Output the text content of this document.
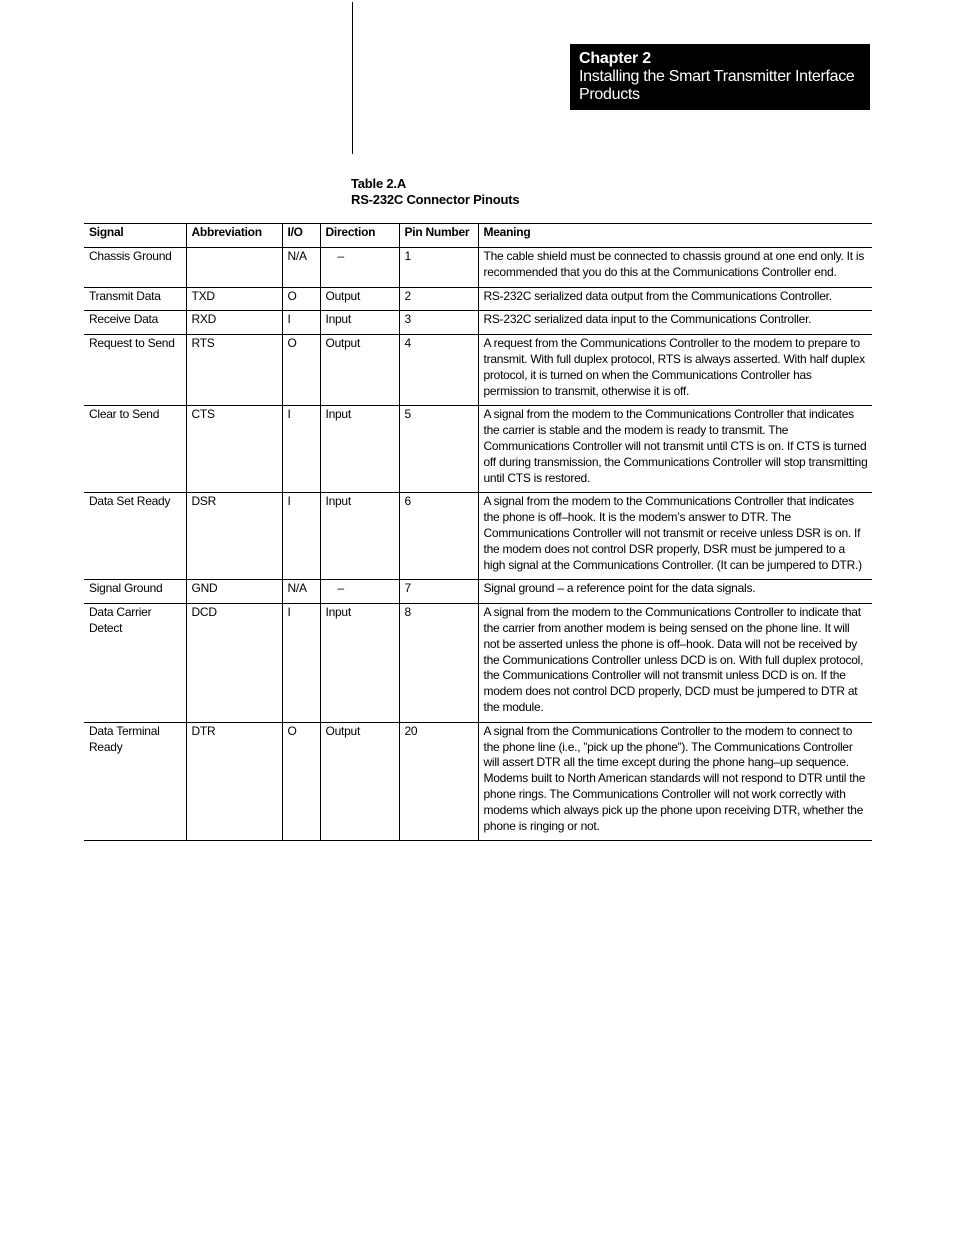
Chapter 2
Installing the Smart Transmitter Interface Products
Table 2.A
RS-232C Connector Pinouts
Signal	Abbreviation	I/O	Direction	Pin Number	Meaning
Chassis Ground		N/A	–	1	The cable shield must be connected to chassis ground at one end only. It is recommended that you do this at the Communications Controller end.
Transmit Data	TXD	O	Output	2	RS-232C serialized data output from the Communications Controller.
Receive Data	RXD	I	Input	3	RS-232C serialized data input to the Communications Controller.
Request to Send	RTS	O	Output	4	A request from the Communications Controller to the modem to prepare to transmit. With full duplex protocol, RTS is always asserted. With half duplex protocol, it is turned on when the Communications Controller has permission to transmit, otherwise it is off.
Clear to Send	CTS	I	Input	5	A signal from the modem to the Communications Controller that indicates the carrier is stable and the modem is ready to transmit. The Communications Controller will not transmit until CTS is on. If CTS is turned off during transmission, the Communications Controller will stop transmitting until CTS is restored.
Data Set Ready	DSR	I	Input	6	A signal from the modem to the Communications Controller that indicates the phone is off–hook. It is the modem’s answer to DTR. The Communications Controller will not transmit or receive unless DSR is on. If the modem does not control DSR properly, DSR must be jumpered to a high signal at the Communications Controller. (It can be jumpered to DTR.)
Signal Ground	GND	N/A	–	7	Signal ground – a reference point for the data signals.
Data Carrier Detect	DCD	I	Input	8	A signal from the modem to the Communications Controller to indicate that the carrier from another modem is being sensed on the phone line. It will not be asserted unless the phone is off–hook. Data will not be received by the Communications Controller unless DCD is on. With full duplex protocol, the Communications Controller will not transmit unless DCD is on. If the modem does not control DCD properly, DCD must be jumpered to DTR at the module.
Data Terminal Ready	DTR	O	Output	20	A signal from the Communications Controller to the modem to connect to the phone line (i.e., ”pick up the phone”). The Communications Controller will assert DTR all the time except during the phone hang–up sequence. Modems built to North American standards will not respond to DTR until the phone rings. The Communications Controller will not work correctly with modems which always pick up the phone upon receiving DTR, whether the phone is ringing or not.
